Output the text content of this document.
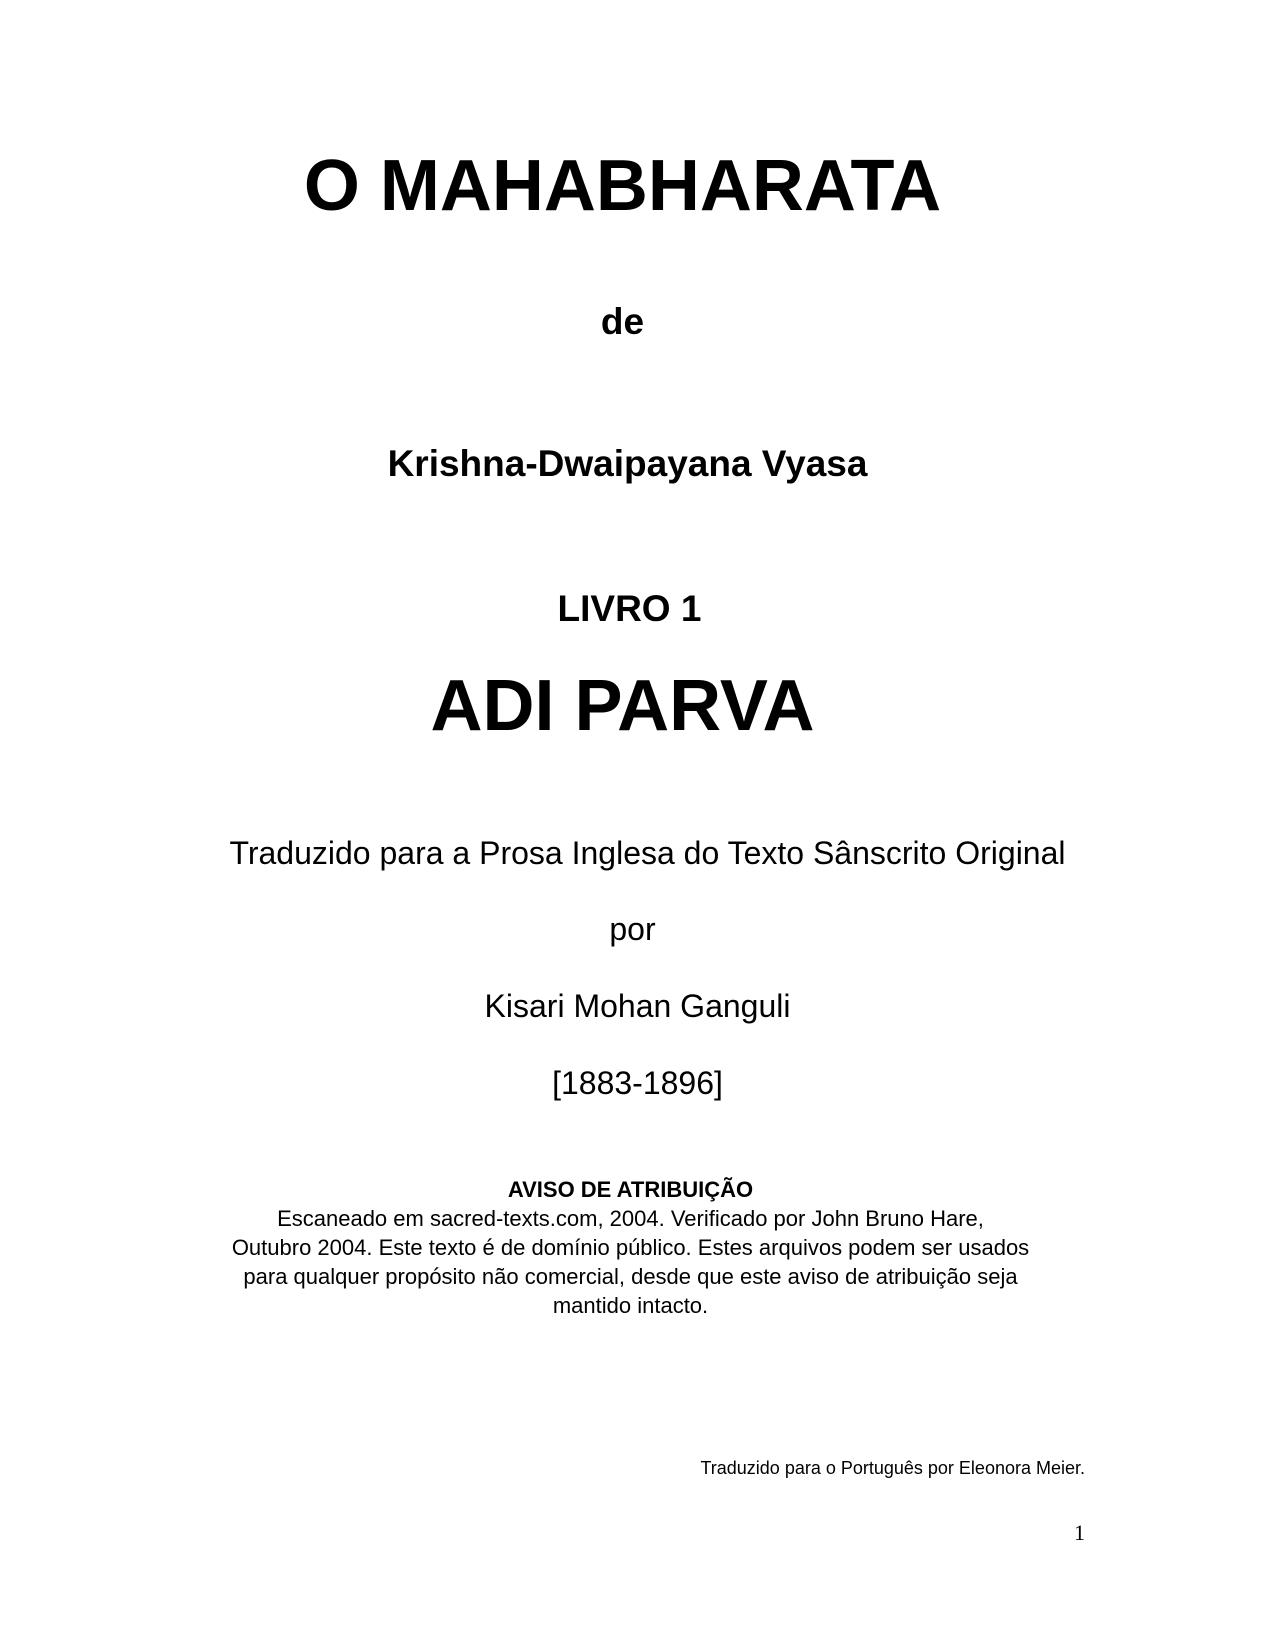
O MAHABHARATA
de
Krishna-Dwaipayana Vyasa
LIVRO 1
ADI PARVA
Traduzido para a Prosa Inglesa do Texto Sânscrito Original
por
Kisari Mohan Ganguli
[1883-1896]
AVISO DE ATRIBUIÇÃO
Escaneado em sacred-texts.com, 2004. Verificado por John Bruno Hare,
Outubro 2004. Este texto é de domínio público. Estes arquivos podem ser usados
para qualquer propósito não comercial, desde que este aviso de atribuição seja
mantido intacto.
Traduzido para o Português por Eleonora Meier.
1
